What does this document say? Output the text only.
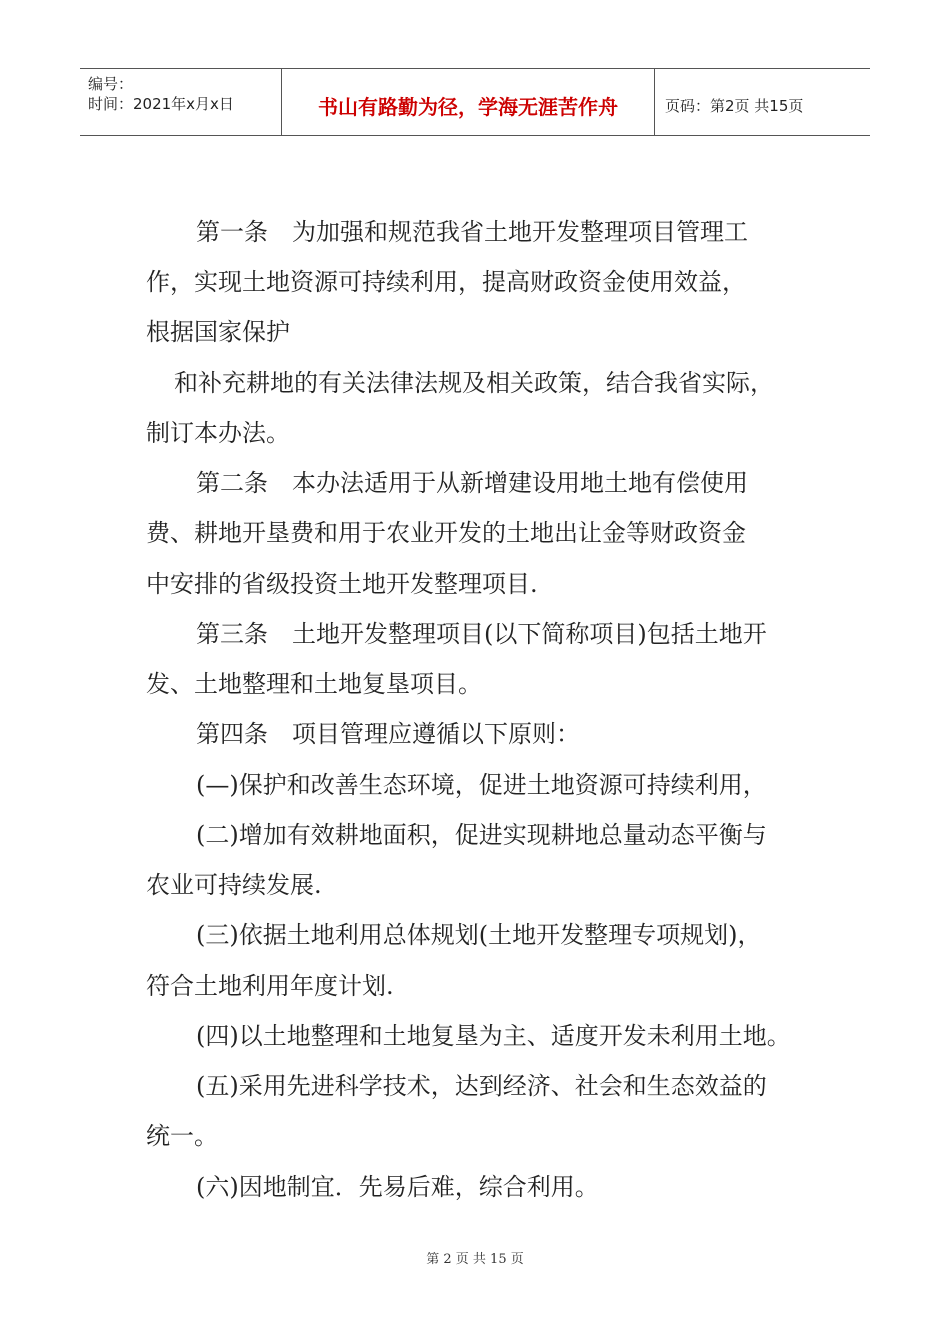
编号：
时间：2021年x月x日	书山有路勤为径，学海无涯苦作舟	页码：第2页 共15页
第一条　为加强和规范我省土地开发整理项目管理工
作，实现土地资源可持续利用，提高财政资金使用效益，
根据国家保护
和补充耕地的有关法律法规及相关政策，结合我省实际，
制订本办法。
第二条　本办法适用于从新增建设用地土地有偿使用
费、耕地开垦费和用于农业开发的土地出让金等财政资金
中安排的省级投资土地开发整理项目.
第三条　土地开发整理项目(以下简称项目)包括土地开
发、土地整理和土地复垦项目。
第四条　项目管理应遵循以下原则：
(—)保护和改善生态环境，促进土地资源可持续利用，
(二)增加有效耕地面积，促进实现耕地总量动态平衡与
农业可持续发展.
(三)依据土地利用总体规划(土地开发整理专项规划)，
符合土地利用年度计划.
(四)以土地整理和土地复垦为主、适度开发未利用土地。
(五)采用先进科学技术，达到经济、社会和生态效益的
统一。
(六)因地制宜．先易后难，综合利用。
第 2 页 共 15 页
